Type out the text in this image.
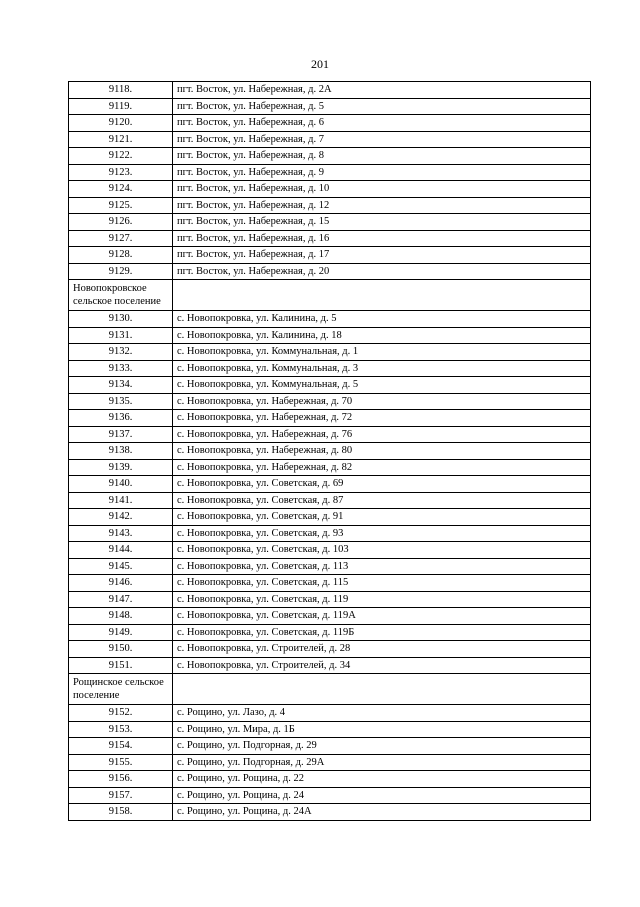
201
9118.	пгт. Восток, ул. Набережная, д. 2А
9119.	пгт. Восток, ул. Набережная, д. 5
9120.	пгт. Восток, ул. Набережная, д. 6
9121.	пгт. Восток, ул. Набережная, д. 7
9122.	пгт. Восток, ул. Набережная, д. 8
9123.	пгт. Восток, ул. Набережная, д. 9
9124.	пгт. Восток, ул. Набережная, д. 10
9125.	пгт. Восток, ул. Набережная, д. 12
9126.	пгт. Восток, ул. Набережная, д. 15
9127.	пгт. Восток, ул. Набережная, д. 16
9128.	пгт. Восток, ул. Набережная, д. 17
9129.	пгт. Восток, ул. Набережная, д. 20
Новопокровское сельское поселение	
9130.	с. Новопокровка, ул. Калинина, д. 5
9131.	с. Новопокровка, ул. Калинина, д. 18
9132.	с. Новопокровка, ул. Коммунальная, д. 1
9133.	с. Новопокровка, ул. Коммунальная, д. 3
9134.	с. Новопокровка, ул. Коммунальная, д. 5
9135.	с. Новопокровка, ул. Набережная, д. 70
9136.	с. Новопокровка, ул. Набережная, д. 72
9137.	с. Новопокровка, ул. Набережная, д. 76
9138.	с. Новопокровка, ул. Набережная, д. 80
9139.	с. Новопокровка, ул. Набережная, д. 82
9140.	с. Новопокровка, ул. Советская, д. 69
9141.	с. Новопокровка, ул. Советская, д. 87
9142.	с. Новопокровка, ул. Советская, д. 91
9143.	с. Новопокровка, ул. Советская, д. 93
9144.	с. Новопокровка, ул. Советская, д. 103
9145.	с. Новопокровка, ул. Советская, д. 113
9146.	с. Новопокровка, ул. Советская, д. 115
9147.	с. Новопокровка, ул. Советская, д. 119
9148.	с. Новопокровка, ул. Советская, д. 119А
9149.	с. Новопокровка, ул. Советская, д. 119Б
9150.	с. Новопокровка, ул. Строителей, д. 28
9151.	с. Новопокровка, ул. Строителей, д. 34
Рощинское сельское поселение	
9152.	с. Рощино, ул. Лазо, д. 4
9153.	с. Рощино, ул. Мира, д. 1Б
9154.	с. Рощино, ул. Подгорная, д. 29
9155.	с. Рощино, ул. Подгорная, д. 29А
9156.	с. Рощино, ул. Рощина, д. 22
9157.	с. Рощино, ул. Рощина, д. 24
9158.	с. Рощино, ул. Рощина, д. 24А
